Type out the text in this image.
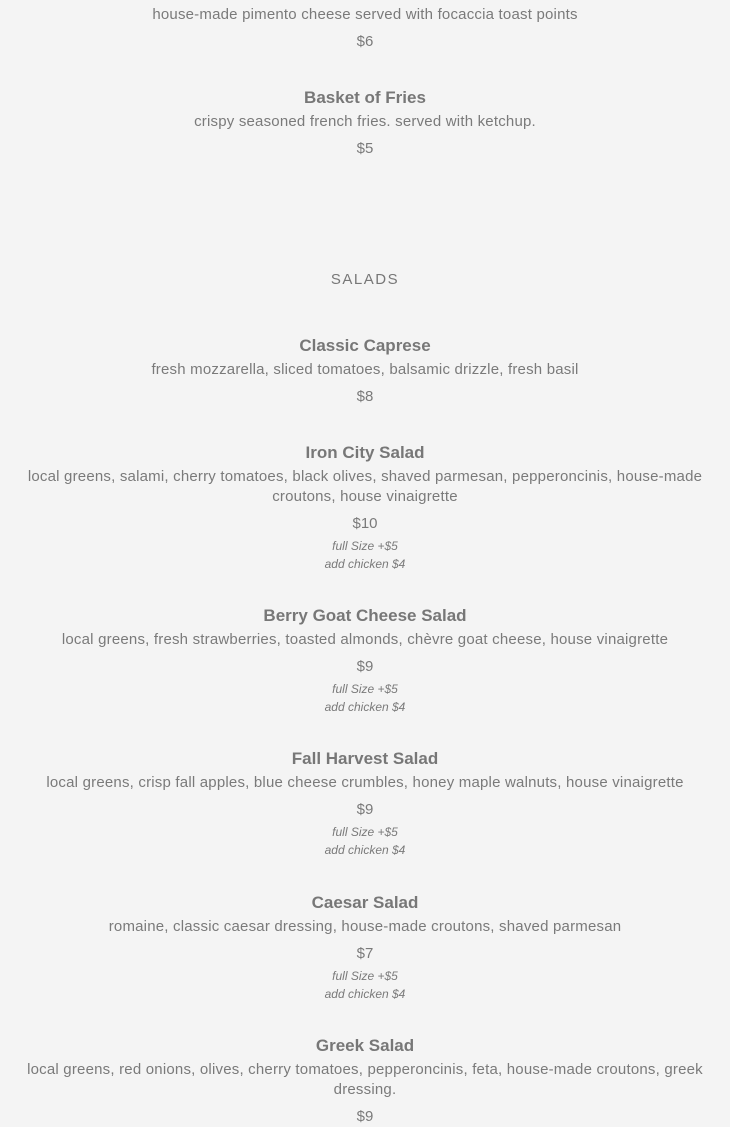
house-made pimento cheese served with focaccia toast points
$6
Basket of Fries
crispy seasoned french fries. served with ketchup.
$5
SALADS
Classic Caprese
fresh mozzarella, sliced tomatoes, balsamic drizzle, fresh basil
$8
Iron City Salad
local greens, salami, cherry tomatoes, black olives, shaved parmesan, pepperoncinis, house-made croutons, house vinaigrette
$10
full Size +$5
add chicken $4
Berry Goat Cheese Salad
local greens, fresh strawberries, toasted almonds, chèvre goat cheese, house vinaigrette
$9
full Size +$5
add chicken $4
Fall Harvest Salad
local greens, crisp fall apples, blue cheese crumbles, honey maple walnuts, house vinaigrette
$9
full Size +$5
add chicken $4
Caesar Salad
romaine, classic caesar dressing, house-made croutons, shaved parmesan
$7
full Size +$5
add chicken $4
Greek Salad
local greens, red onions, olives, cherry tomatoes, pepperoncinis, feta, house-made croutons, greek dressing.
$9
